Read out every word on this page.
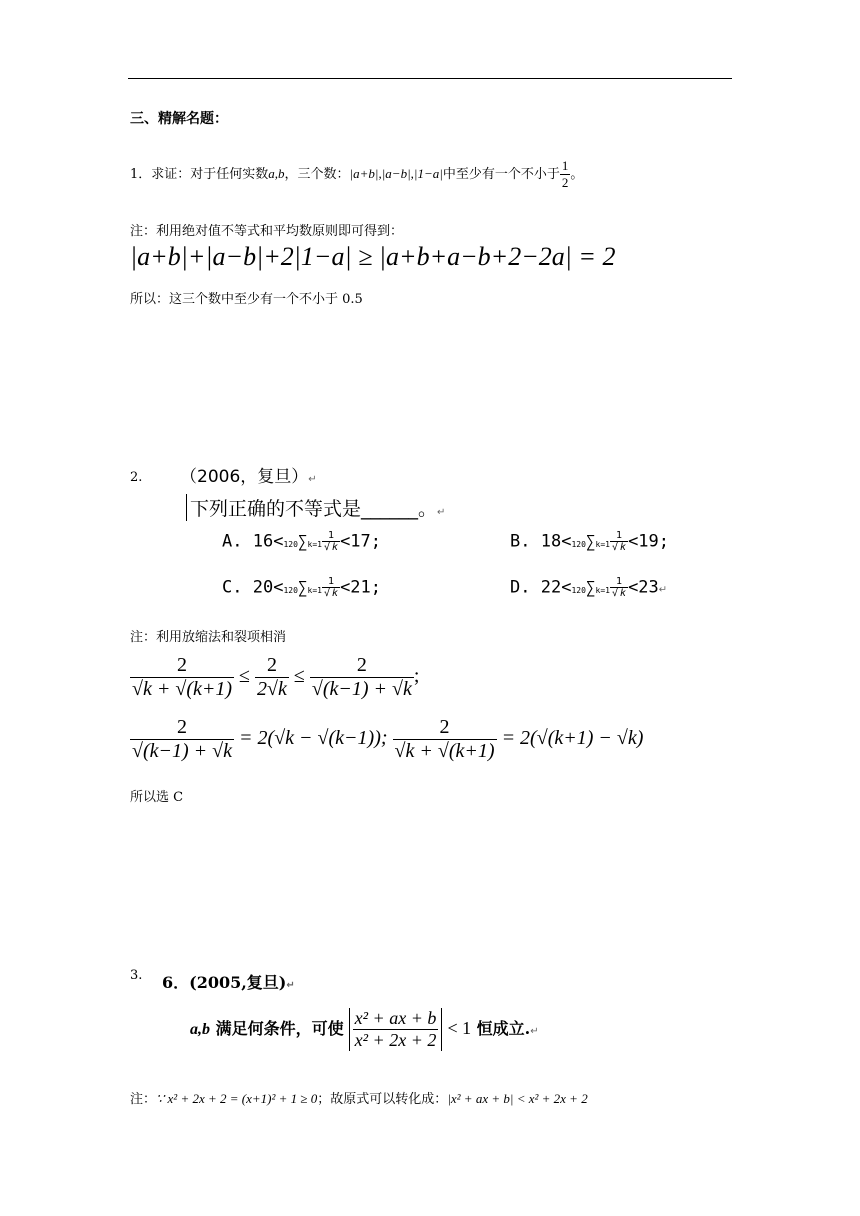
三、精解名题：
1．求证：对于任何实数a,b，三个数：|a+b|,|a−b|,|1−a|中至少有一个不小于 $\frac{1}{2}$ 。
注：利用绝对值不等式和平均数原则即可得到：
|a+b|+|a−b|+2|1−a| ≥ |a+b+a−b+2−2a| = 2
所以：这三个数中至少有一个不小于 0.5
2. （2006，复旦）↵
下列正确的不等式是______。↵
A. $16<120\sum k=1 \frac{1}{√ k} <17$;	B. $18<120\sum k=1 \frac{1}{√ k} <19$;
C. $20<120\sum k=1 \frac{1}{√ k} <21$;	D. $22<120\sum k=1 \frac{1}{√ k}$ <23↵
注：利用放缩法和裂项相消
$\frac{2}{√k + √(k+1)} \le \frac{2}{2√k} \le \frac{2}{√(k-1) + √k}$ ;
$\frac{2}{√(k-1) + √k} = 2(√k - √(k-1))$; $\frac{2}{√k + √(k+1)} = 2(√(k+1) - √k)$
所以选 C
3. 6．(2005,复旦)↵
a,b 满足何条件，可使 $\frac{\text{x² + ax + b}}{\text{x² + 2x + 2}} < 1$ 恒成立.↵
注：∵ x² + 2x + 2 = (x+1)² + 1 ≥ 0；故原式可以转化成：|x² + ax + b| < x² + 2x + 2
